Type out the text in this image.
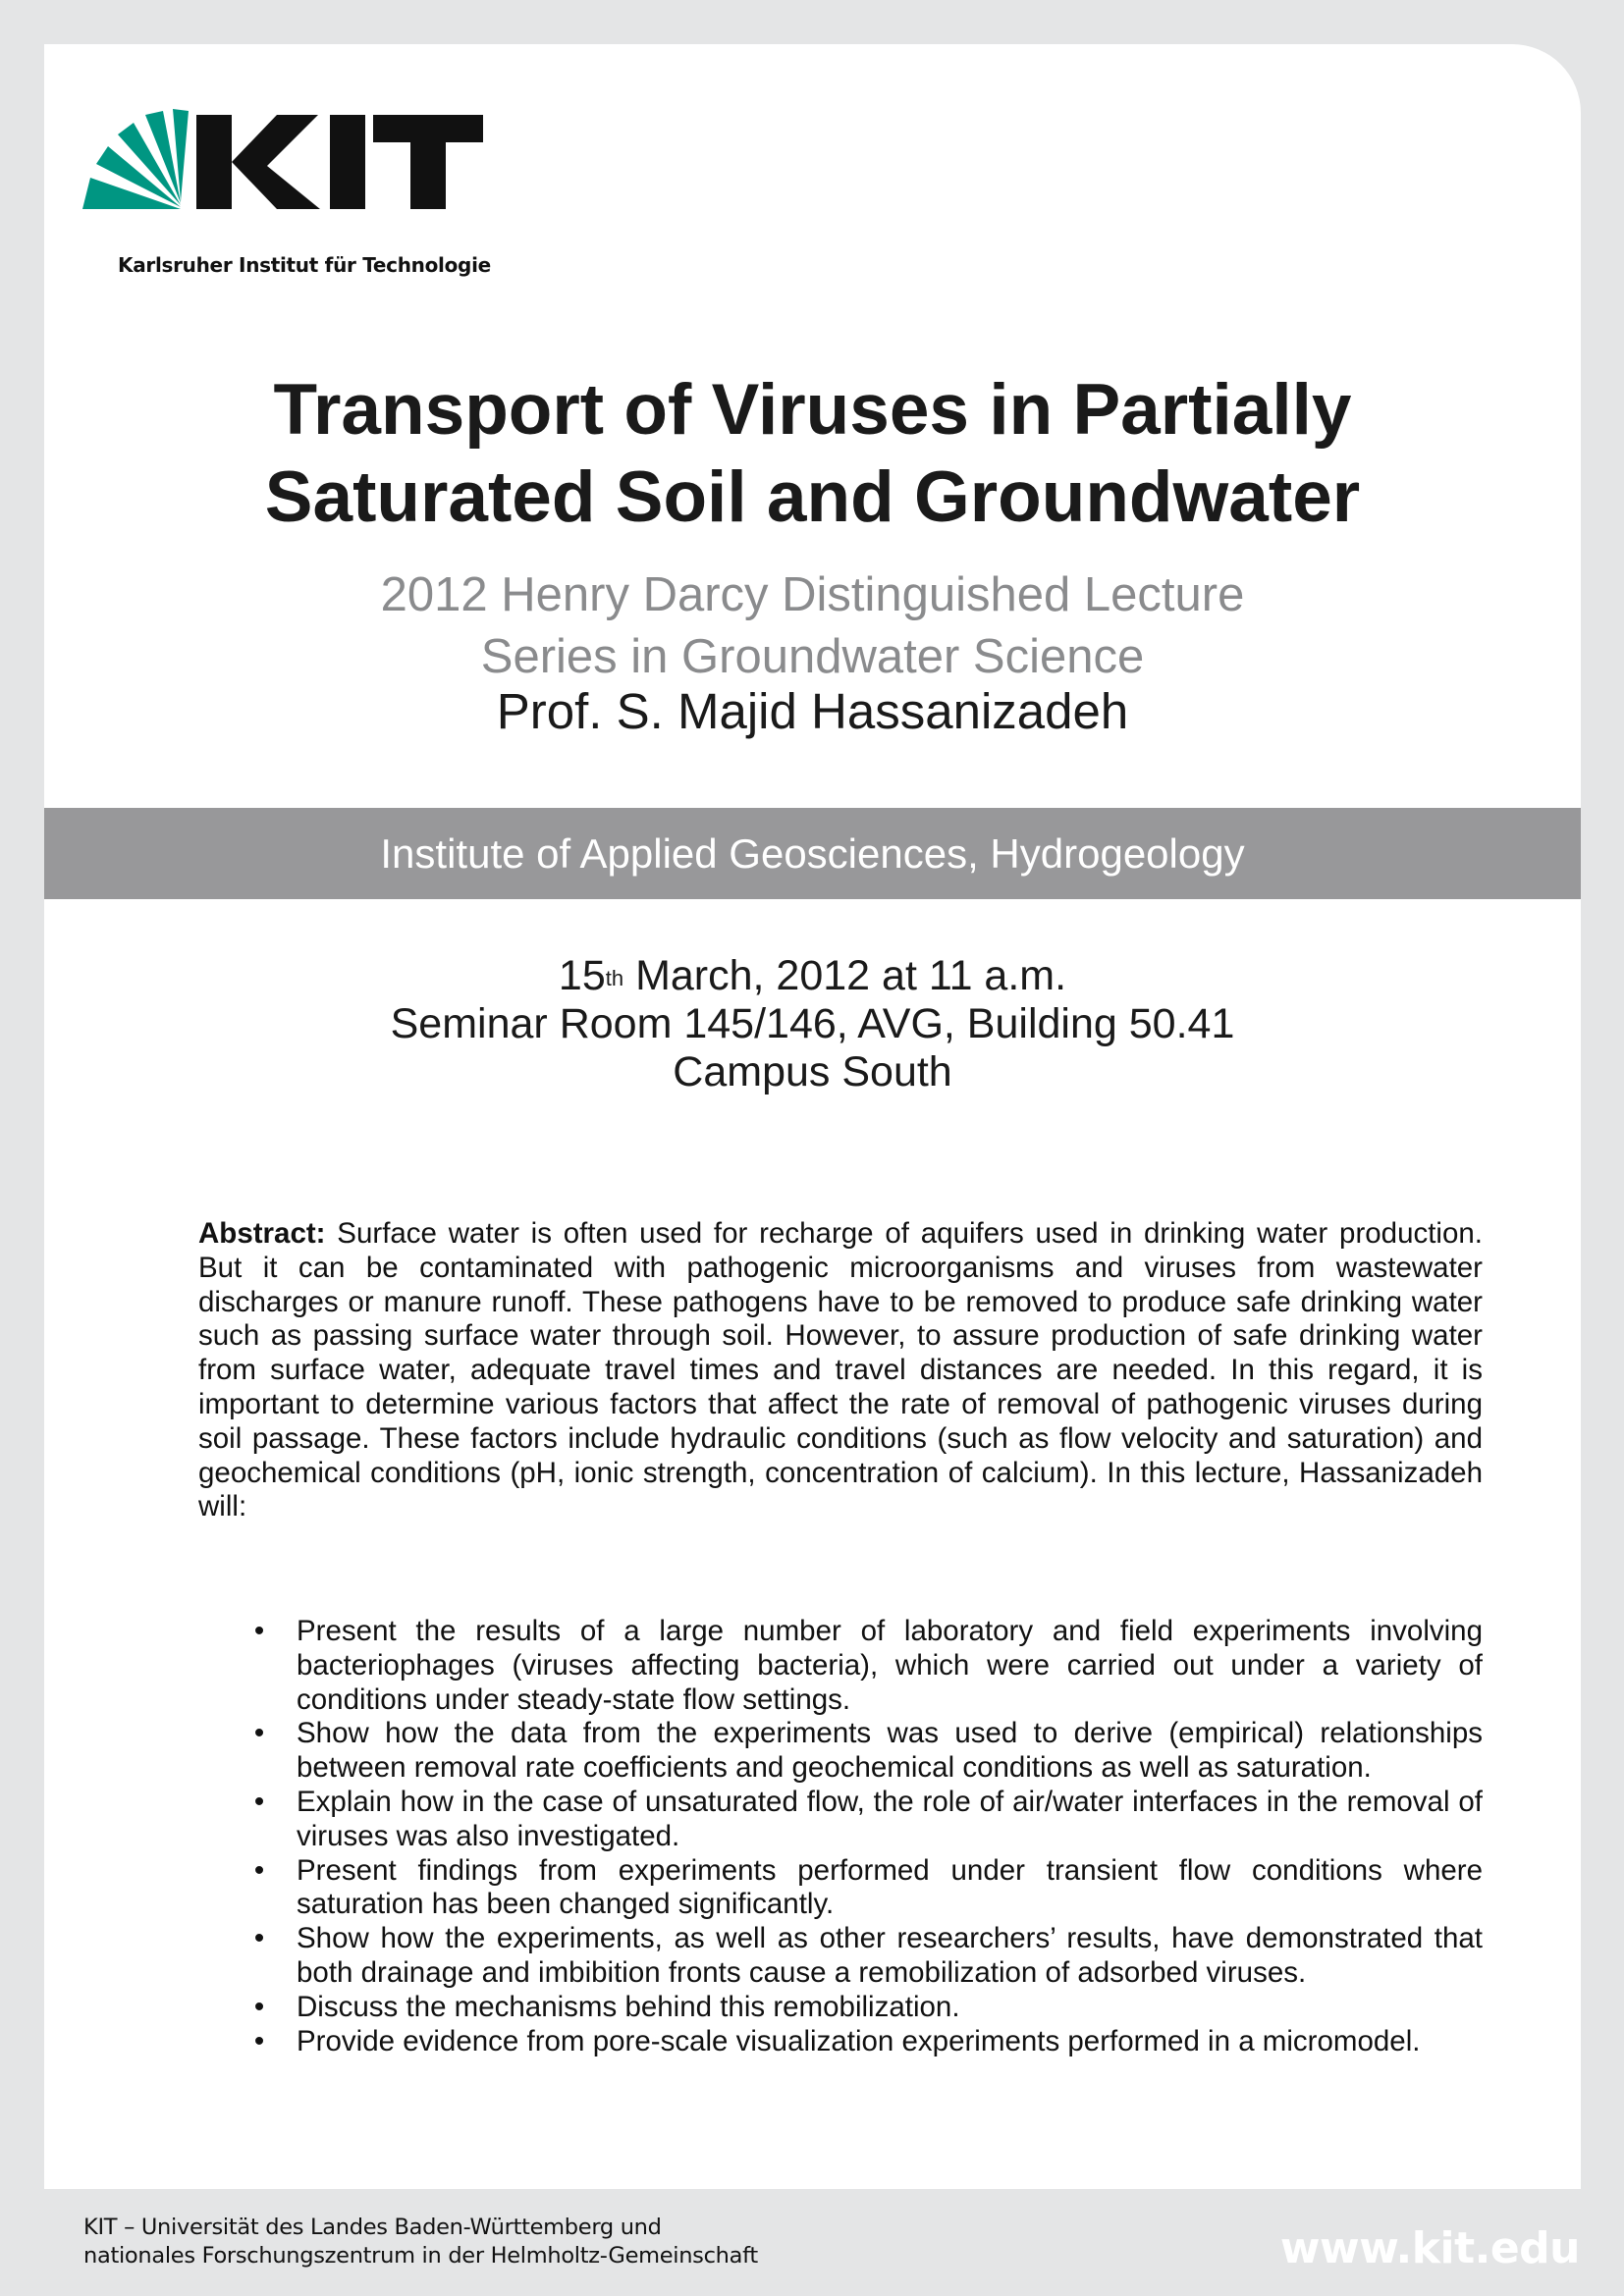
Karlsruher Institut für Technologie
Transport of Viruses in Partially
Saturated Soil and Groundwater
2012 Henry Darcy Distinguished Lecture
Series in Groundwater Science
Prof. S. Majid Hassanizadeh
Institute of Applied Geosciences, Hydrogeology
15th March, 2012 at 11 a.m.
Seminar Room 145/146, AVG, Building 50.41
Campus South
Abstract: Surface water is often used for recharge of aquifers used in drinking water production. But it can be contaminated with pathogenic microorganisms and viruses from wastewater discharges or manure runoff. These pathogens have to be removed to produce safe drinking water such as passing surface water through soil. However, to assure production of safe drinking water from surface water, adequate travel times and travel distances are needed. In this regard, it is important to determine various factors that affect the rate of removal of pathogenic viruses during soil passage. These factors include hydraulic conditions (such as flow velocity and saturation) and geochemical conditions (pH, ionic strength, concentration of calcium). In this lecture, Hassanizadeh will:
• Present the results of a large number of laboratory and field experiments involving bacteriophages (viruses affecting bacteria), which were carried out under a variety of conditions under steady-state flow settings.
• Show how the data from the experiments was used to derive (empirical) relationships between removal rate coefficients and geochemical conditions as well as saturation.
• Explain how in the case of unsaturated flow, the role of air/water interfaces in the removal of viruses was also investigated.
• Present findings from experiments performed under transient flow conditions where saturation has been changed significantly.
• Show how the experiments, as well as other researchers’ results, have demonstrated that both drainage and imbibition fronts cause a remobilization of adsorbed viruses.
• Discuss the mechanisms behind this remobilization.
• Provide evidence from pore-scale visualization experiments performed in a micromodel.
KIT – Universität des Landes Baden-Württemberg und
nationales Forschungszentrum in der Helmholtz-Gemeinschaft	www.kit.edu
